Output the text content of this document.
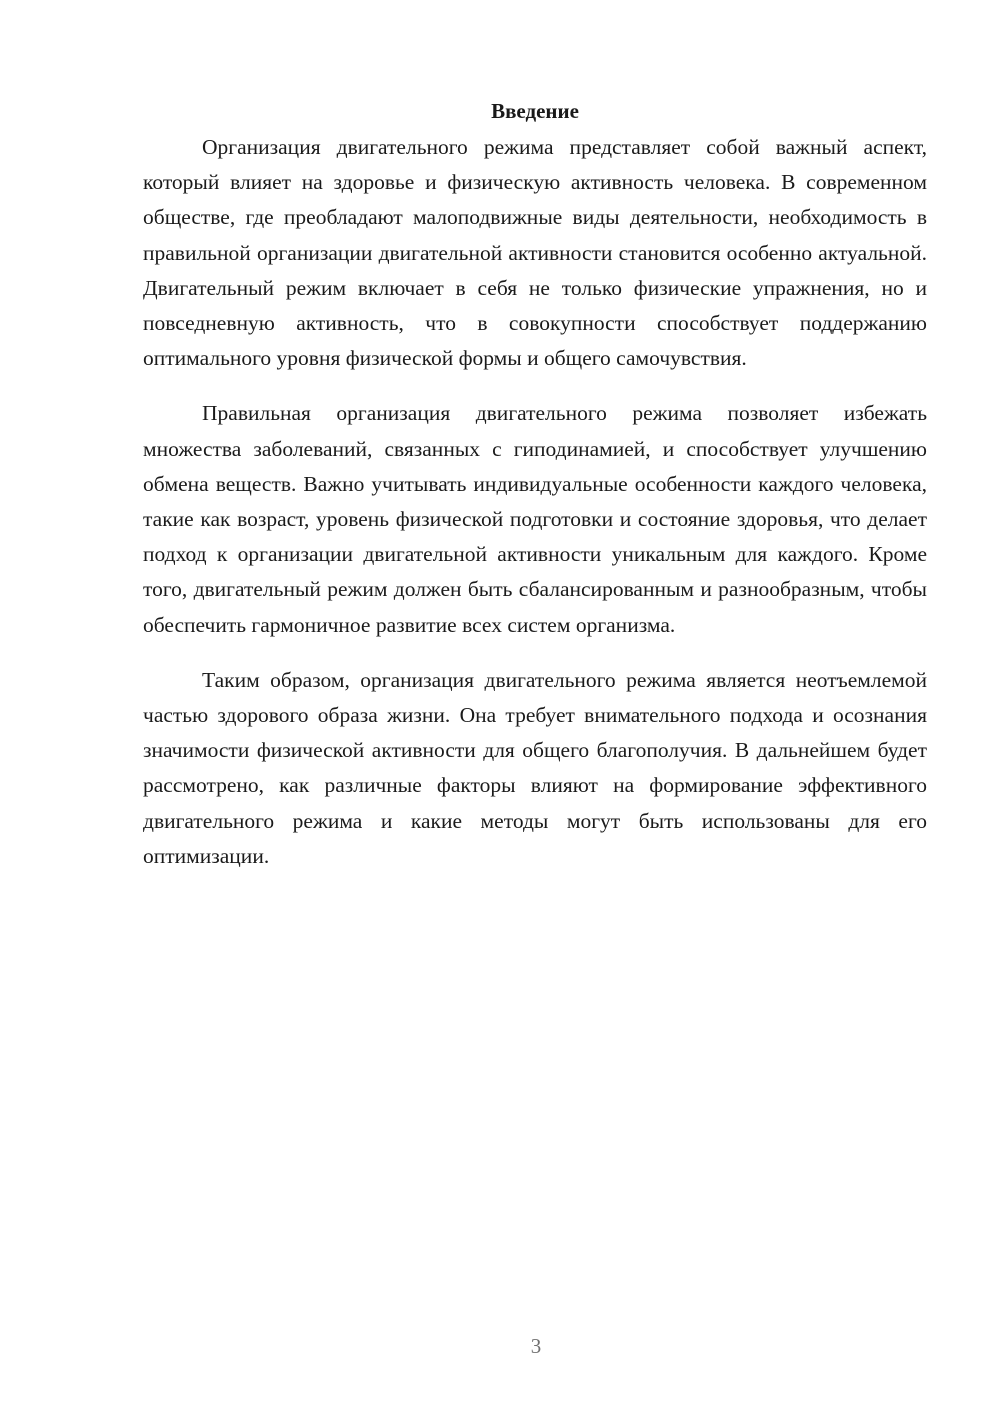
Введение

Организация двигательного режима представляет собой важный аспект, который влияет на здоровье и физическую активность человека. В современном обществе, где преобладают малоподвижные виды деятельности, необходимость в правильной организации двигательной активности становится особенно актуальной. Двигательный режим включает в себя не только физические упражнения, но и повседневную активность, что в совокупности способствует поддержанию оптимального уровня физической формы и общего самочувствия.

Правильная организация двигательного режима позволяет избежать множества заболеваний, связанных с гиподинамией, и способствует улучшению обмена веществ. Важно учитывать индивидуальные особенности каждого человека, такие как возраст, уровень физической подготовки и состояние здоровья, что делает подход к организации двигательной активности уникальным для каждого. Кроме того, двигательный режим должен быть сбалансированным и разнообразным, чтобы обеспечить гармоничное развитие всех систем организма.

Таким образом, организация двигательного режима является неотъемлемой частью здорового образа жизни. Она требует внимательного подхода и осознания значимости физической активности для общего благополучия. В дальнейшем будет рассмотрено, как различные факторы влияют на формирование эффективного двигательного режима и какие методы могут быть использованы для его оптимизации.

3
